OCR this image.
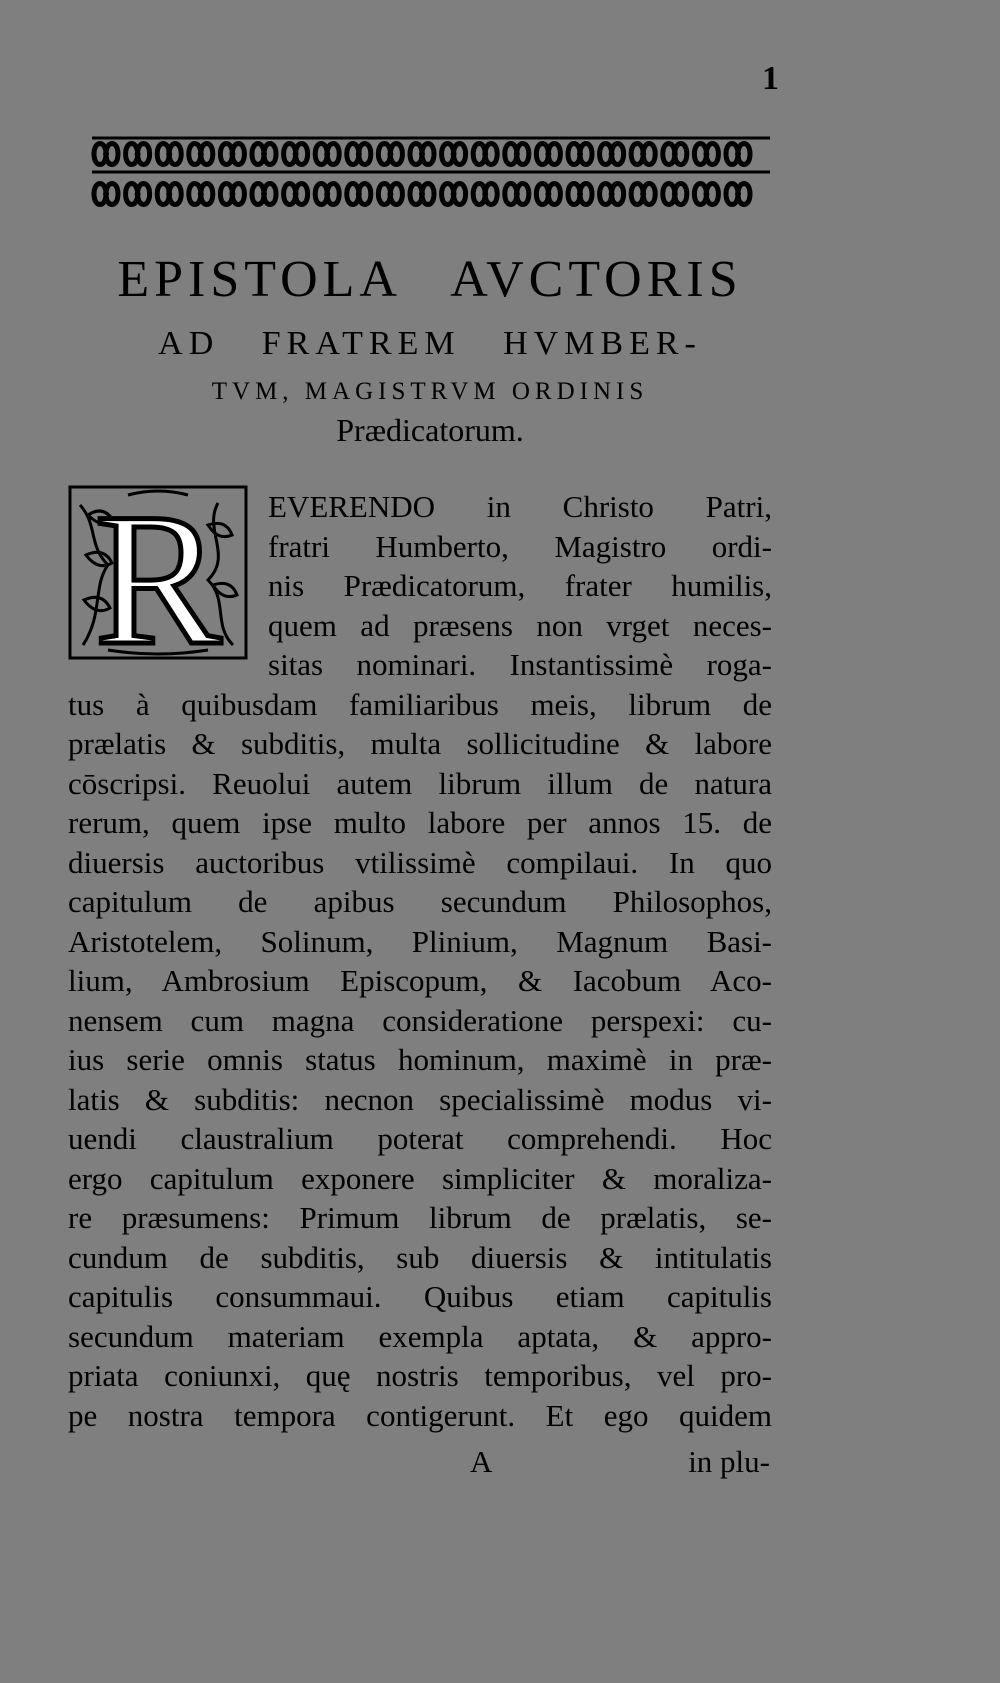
1
EPISTOLA AVCTORIS
AD FRATREM HVMBER-
TVM, MAGISTRVM ORDINIS
Prædicatorum.
R EVERENDO in Christo Patri,
fratri Humberto, Magistro ordi-
nis Prædicatorum, frater humilis,
quem ad præsens non vrget neces-
sitas nominari. Instantissimè roga-
tus à quibusdam familiaribus meis, librum de
prælatis & subditis, multa sollicitudine & labore
cōscripsi. Reuolui autem librum illum de natura
rerum, quem ipse multo labore per annos 15. de
diuersis auctoribus vtilissimè compilaui. In quo
capitulum de apibus secundum Philosophos,
Aristotelem, Solinum, Plinium, Magnum Basi-
lium, Ambrosium Episcopum, & Iacobum Aco-
nensem cum magna consideratione perspexi: cu-
ius serie omnis status hominum, maximè in præ-
latis & subditis: necnon specialissimè modus vi-
uendi claustralium poterat comprehendi. Hoc
ergo capitulum exponere simpliciter & moraliza-
re præsumens: Primum librum de prælatis, se-
cundum de subditis, sub diuersis & intitulatis
capitulis consummaui. Quibus etiam capitulis
secundum materiam exempla aptata, & appro-
priata coniunxi, quę nostris temporibus, vel pro-
pe nostra tempora contigerunt. Et ego quidem
A	in plu-
